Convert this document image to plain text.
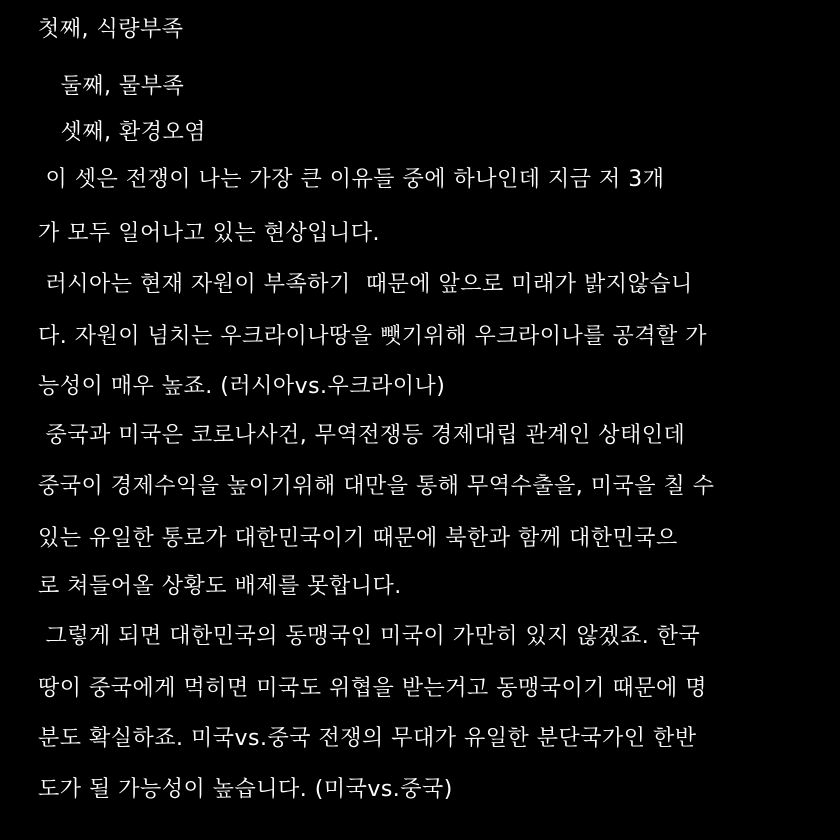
첫째, 식량부족
둘째, 물부족
셋째, 환경오염
이 셋은 전쟁이 나는 가장 큰 이유들 중에 하나인데 지금 저 3개
가 모두 일어나고 있는 현상입니다.
러시아는 현재 자원이 부족하기  때문에 앞으로 미래가 밝지않습니
다. 자원이 넘치는 우크라이나땅을 뺏기위해 우크라이나를 공격할 가
능성이 매우 높죠. (러시아vs.우크라이나)
중국과 미국은 코로나사건, 무역전쟁등 경제대립 관계인 상태인데
중국이 경제수익을 높이기위해 대만을 통해 무역수출을, 미국을 칠 수
있는 유일한 통로가 대한민국이기 때문에 북한과 함께 대한민국으
로 쳐들어올 상황도 배제를 못합니다.
그렇게 되면 대한민국의 동맹국인 미국이 가만히 있지 않겠죠. 한국
땅이 중국에게 먹히면 미국도 위협을 받는거고 동맹국이기 때문에 명
분도 확실하죠. 미국vs.중국 전쟁의 무대가 유일한 분단국가인 한반
도가 될 가능성이 높습니다. (미국vs.중국)
